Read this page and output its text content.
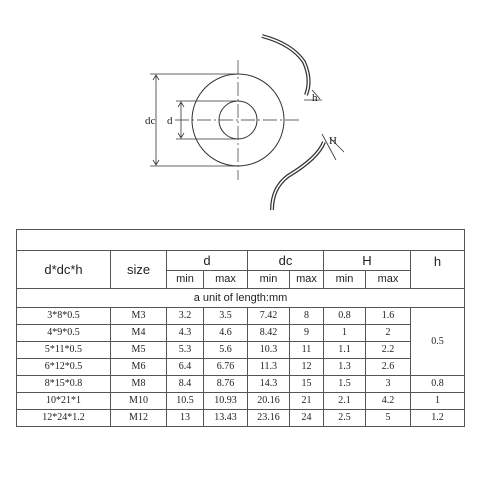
dc d
h
H

d*dc*h	size	d		dc		H		h
		min	max	min	max	min	max	
a unit of length:mm								
3*8*0.5	M3	3.2	3.5	7.42	8	0.8	1.6	0.5
4*9*0.5	M4	4.3	4.6	8.42	9	1	2	
5*11*0.5	M5	5.3	5.6	10.3	11	1.1	2.2	
6*12*0.5	M6	6.4	6.76	11.3	12	1.3	2.6	
8*15*0.8	M8	8.4	8.76	14.3	15	1.5	3	0.8
10*21*1	M10	10.5	10.93	20.16	21	2.1	4.2	1
12*24*1.2	M12	13	13.43	23.16	24	2.5	5	1.2
